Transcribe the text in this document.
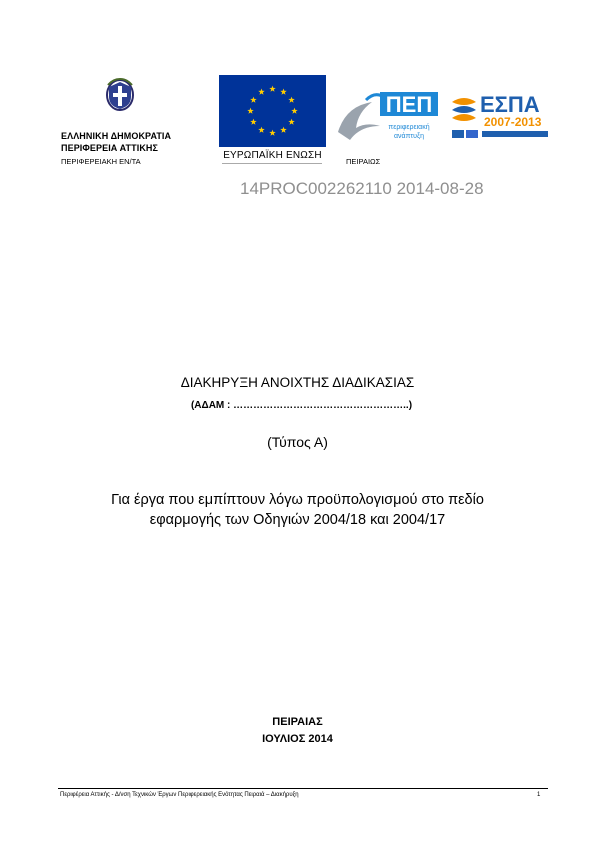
ΕΛΛΗΝΙΚΗ ΔΗΜΟΚΡΑΤΙΑ
ΠΕΡΙΦΕΡΕΙΑ ΑΤΤΙΚΗΣ
ΠΕΡΙΦΕΡΕΙΑΚΗ ΕΝ/ΤΑ
ΕΥΡΩΠΑΪΚΗ ΕΝΩΣΗ
ΠΕΠ
περιφερειακή
ανάπτυξη
ΠΕΙΡΑΙΩΣ
ΕΣΠΑ
2007-2013
14PROC002262110 2014-08-28
ΔΙΑΚΗΡΥΞΗ ΑΝΟΙΧΤΗΣ ΔΙΑΔΙΚΑΣΙΑΣ
(ΑΔΑΜ : ……………………………………………..)
(Τύπος Α)
Για έργα που εμπίπτουν λόγω προϋπολογισμού στο πεδίο
εφαρμογής των Οδηγιών 2004/18 και 2004/17
ΠΕΙΡΑΙΑΣ
ΙΟΥΛΙΟΣ 2014
Περιφέρεια Αττικής - Δ/νση Τεχνικών Έργων Περιφερειακής Ενότητας Πειραιά – Διακήρυξη	1
